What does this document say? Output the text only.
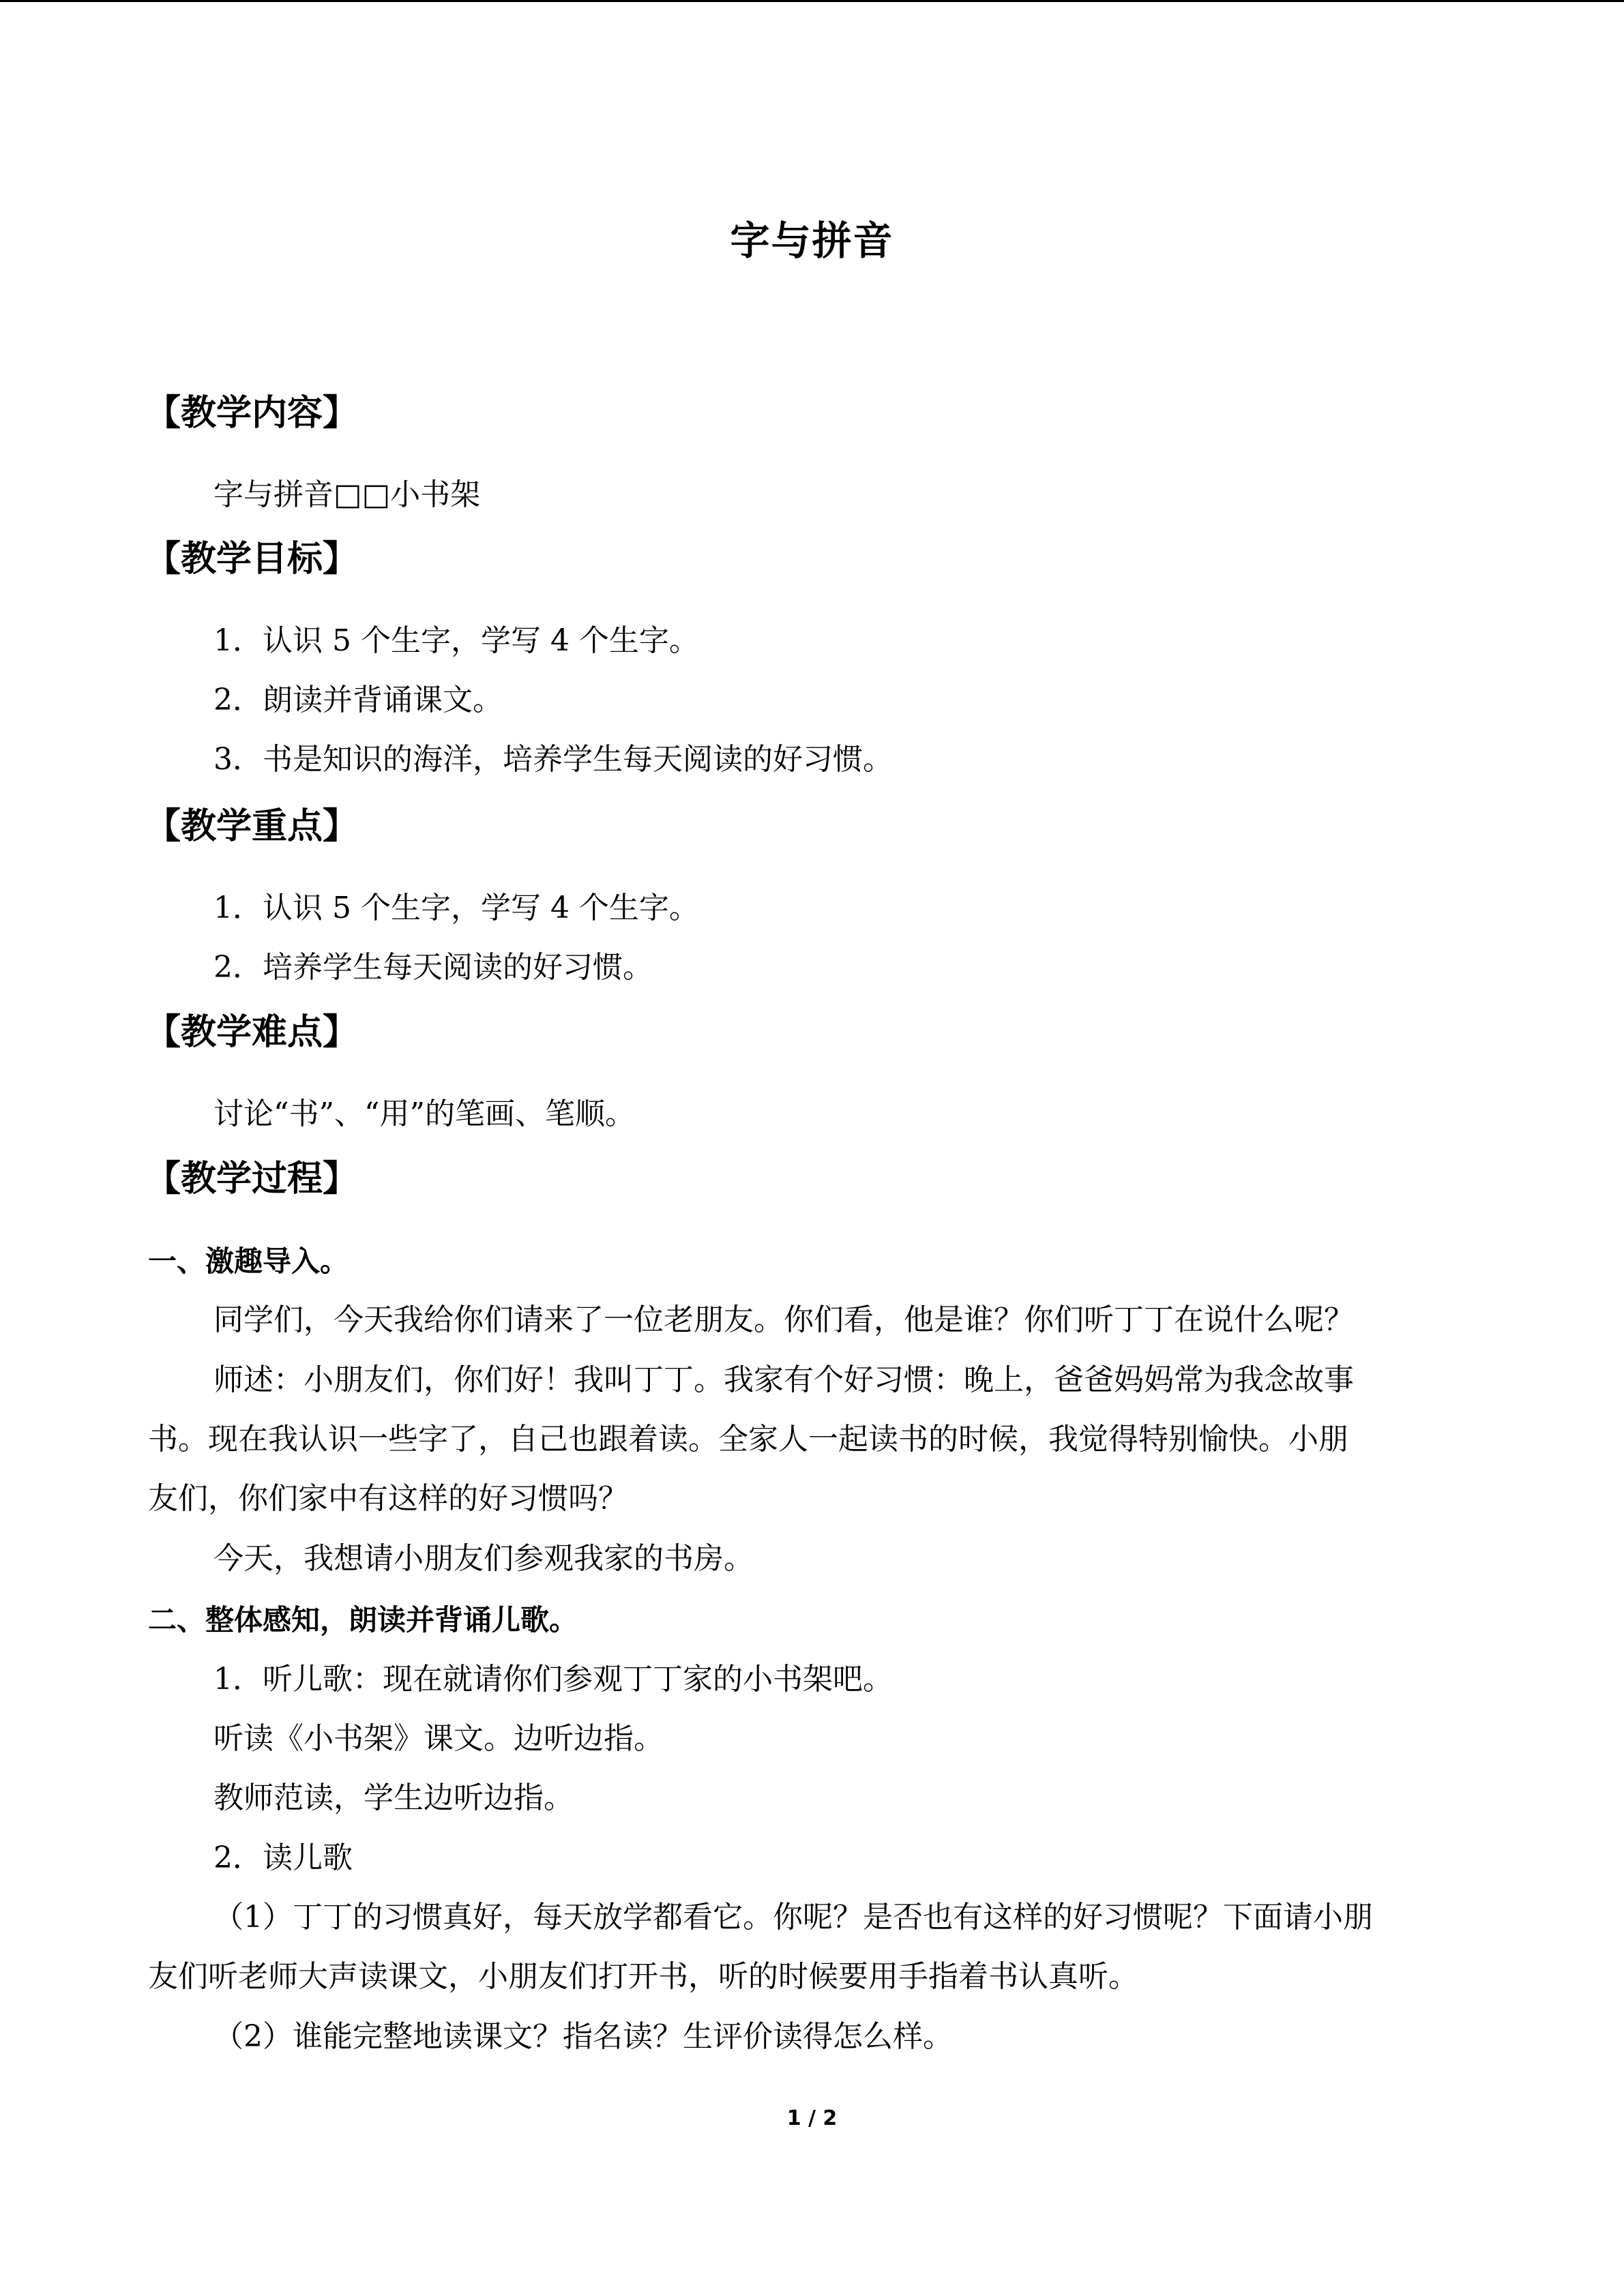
字与拼音
【教学内容】

字与拼音□□小书架

【教学目标】

1．认识 5 个生字，学写 4 个生字。

2．朗读并背诵课文。

3．书是知识的海洋，培养学生每天阅读的好习惯。

【教学重点】

1．认识 5 个生字，学写 4 个生字。

2．培养学生每天阅读的好习惯。

【教学难点】

讨论“书”、“用”的笔画、笔顺。

【教学过程】
一、激趣导入。

同学们，今天我给你们请来了一位老朋友。你们看，他是谁？你们听丁丁在说什么呢？

师述：小朋友们，你们好！我叫丁丁。我家有个好习惯：晚上，爸爸妈妈常为我念故事

书。现在我认识一些字了，自己也跟着读。全家人一起读书的时候，我觉得特别愉快。小朋

友们，你们家中有这样的好习惯吗？

今天，我想请小朋友们参观我家的书房。

二、整体感知，朗读并背诵儿歌。

1．听儿歌：现在就请你们参观丁丁家的小书架吧。

听读《小书架》课文。边听边指。

教师范读，学生边听边指。

2．读儿歌

（1）丁丁的习惯真好，每天放学都看它。你呢？是否也有这样的好习惯呢？下面请小朋

友们听老师大声读课文，小朋友们打开书，听的时候要用手指着书认真听。

（2）谁能完整地读课文？指名读？生评价读得怎么样。

1 / 2
